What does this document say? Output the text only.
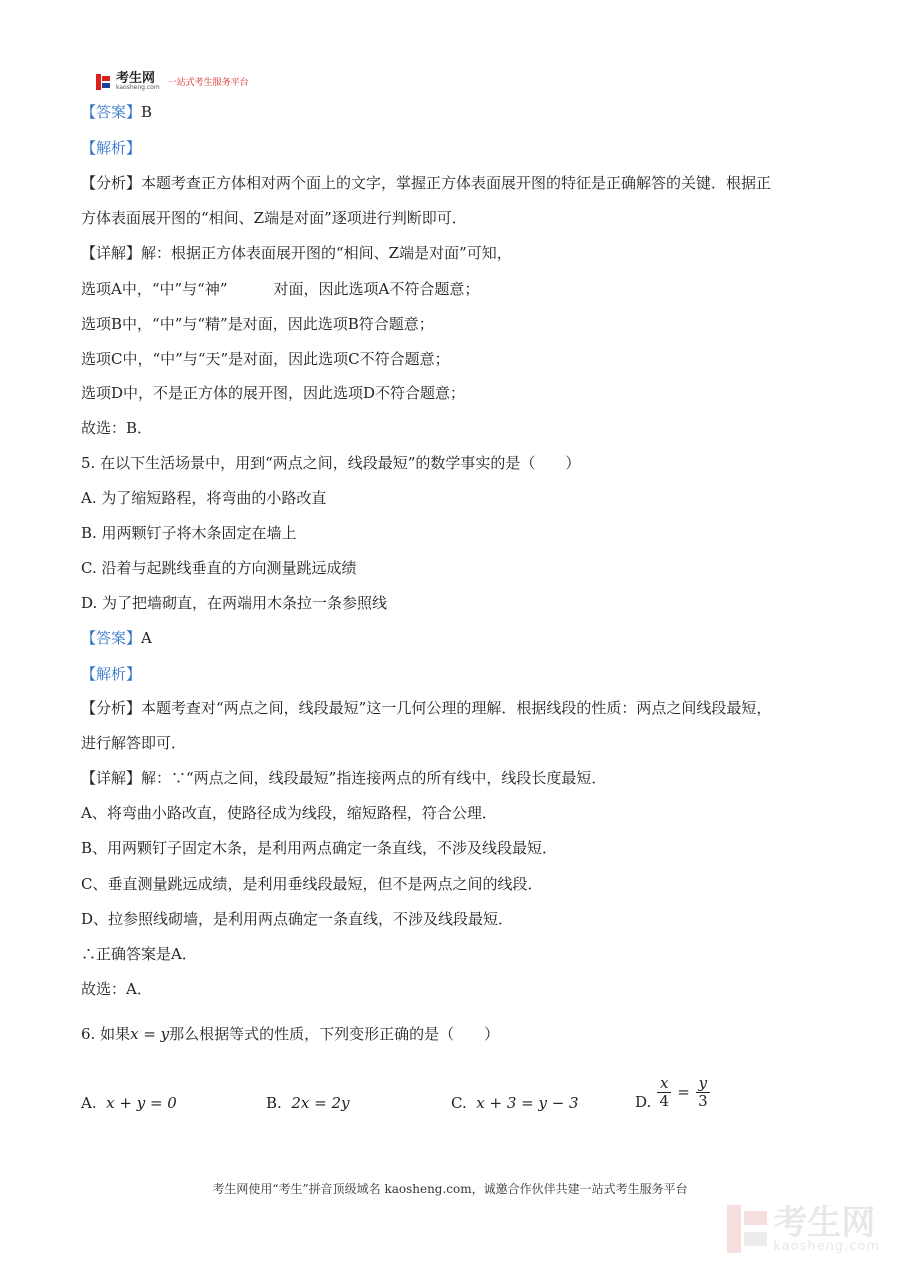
考生网
kaosheng.com 一站式考生服务平台
【答案】B
【解析】
【分析】本题考查正方体相对两个面上的文字，掌握正方体表面展开图的特征是正确解答的关键．根据正
方体表面展开图的“相间、Z端是对面”逐项进行判断即可．
【详解】解：根据正方体表面展开图的“相间、Z端是对面”可知，
选项A中，“中”与“神”	对面，因此选项A不符合题意；
选项B中，“中”与“精”是对面，因此选项B符合题意；
选项C中，“中”与“天”是对面，因此选项C不符合题意；
选项D中，不是正方体的展开图，因此选项D不符合题意；
故选：B．
5. 在以下生活场景中，用到“两点之间，线段最短”的数学事实的是（　　）
A. 为了缩短路程，将弯曲的小路改直
B. 用两颗钉子将木条固定在墙上
C. 沿着与起跳线垂直的方向测量跳远成绩
D. 为了把墙砌直，在两端用木条拉一条参照线
【答案】A
【解析】
【分析】本题考查对“两点之间，线段最短”这一几何公理的理解．根据线段的性质：两点之间线段最短，
进行解答即可．
【详解】解：∵“两点之间，线段最短”指连接两点的所有线中，线段长度最短．
A、将弯曲小路改直，使路径成为线段，缩短路程，符合公理．
B、用两颗钉子固定木条，是利用两点确定一条直线，不涉及线段最短．
C、垂直测量跳远成绩，是利用垂线段最短，但不是两点之间的线段．
D、拉参照线砌墙，是利用两点确定一条直线，不涉及线段最短．
∴正确答案是A．
故选：A．
6. 如果x = y那么根据等式的性质，下列变形正确的是（　　）
A. x + y = 0	B. 2x = 2y	C. x + 3 = y − 3	D. $\frac{x}{4} = \frac{y}{3}$
考生网使用“考生”拼音顶级域名 kaosheng.com，诚邀合作伙伴共建一站式考生服务平台
考生网
kaosheng.com
